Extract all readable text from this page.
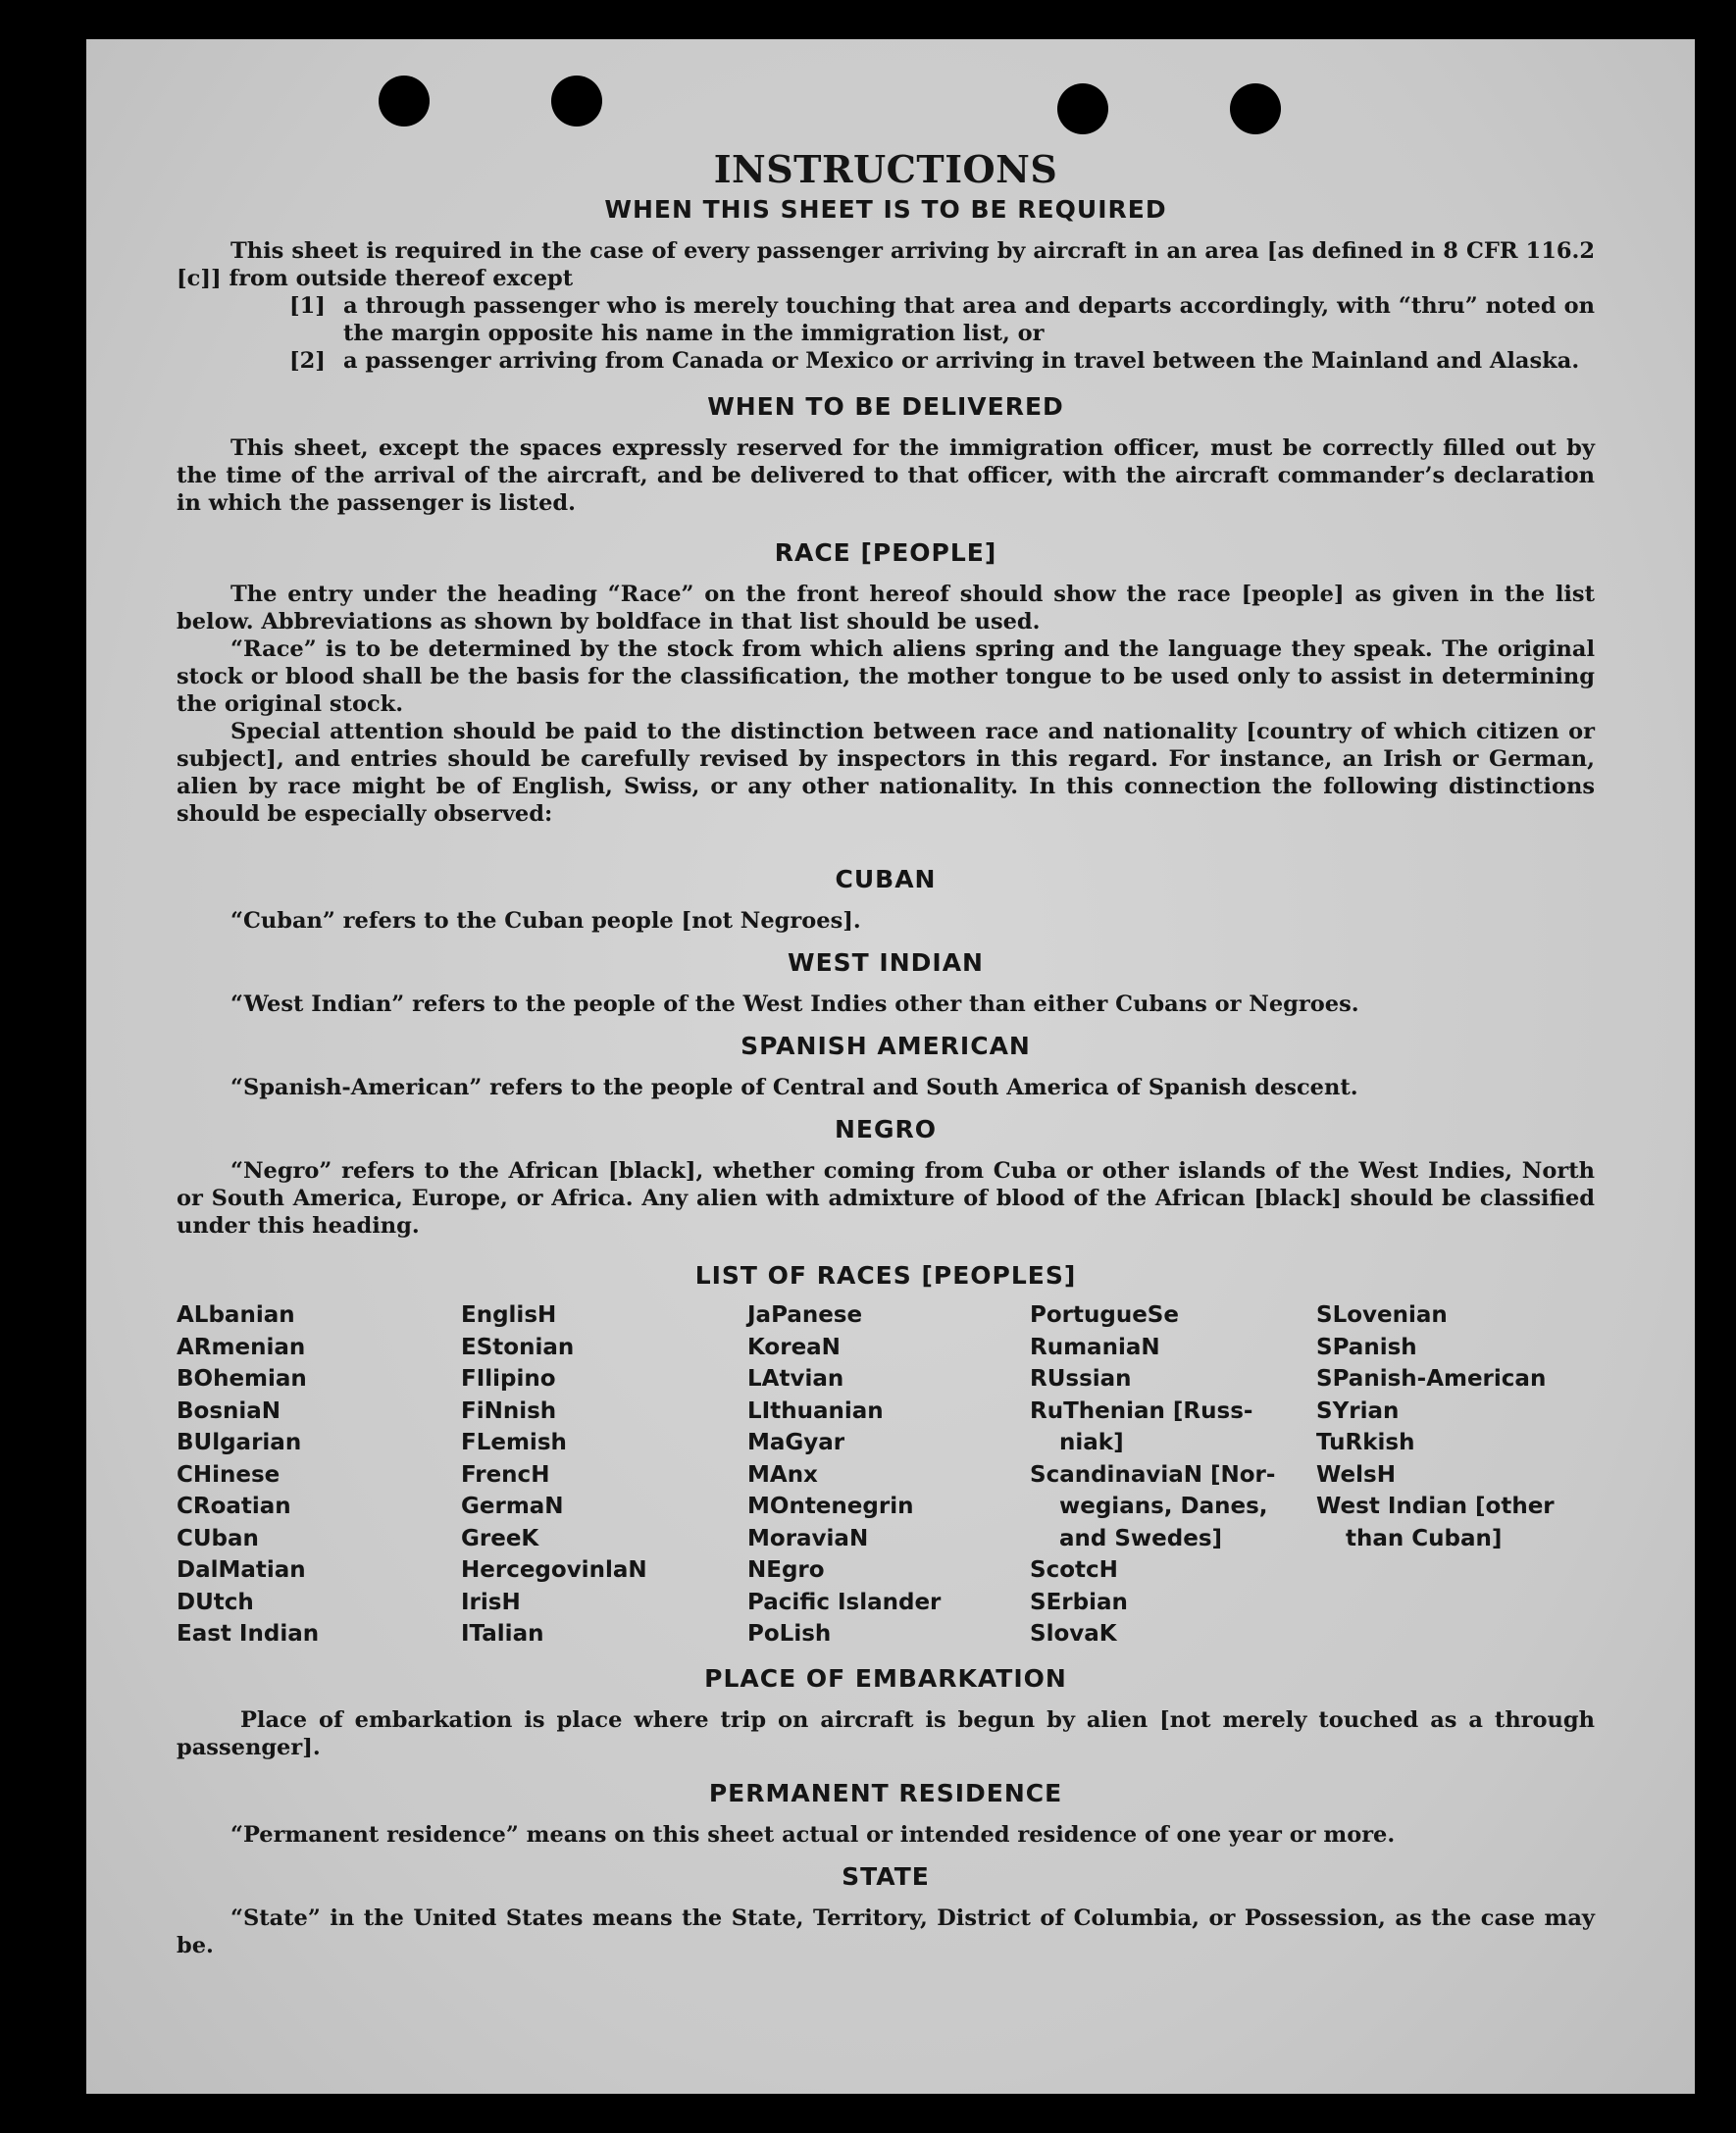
INSTRUCTIONS
WHEN THIS SHEET IS TO BE REQUIRED

This sheet is required in the case of every passenger arriving by aircraft in an area [as defined in 8 CFR 116.2 [c]] from outside thereof except

[1] a through passenger who is merely touching that area and departs accordingly, with “thru” noted on the margin opposite his name in the immigration list, or

[2] a passenger arriving from Canada or Mexico or arriving in travel between the Mainland and Alaska.

WHEN TO BE DELIVERED

This sheet, except the spaces expressly reserved for the immigration officer, must be correctly filled out by the time of the arrival of the aircraft, and be delivered to that officer, with the aircraft commander’s declaration in which the passenger is listed.

RACE [PEOPLE]

The entry under the heading “Race” on the front hereof should show the race [people] as given in the list below. Abbreviations as shown by boldface in that list should be used.

“Race” is to be determined by the stock from which aliens spring and the language they speak. The original stock or blood shall be the basis for the classification, the mother tongue to be used only to assist in determining the original stock.

Special attention should be paid to the distinction between race and nationality [country of which citizen or subject], and entries should be carefully revised by inspectors in this regard. For instance, an Irish or German, alien by race might be of English, Swiss, or any other nationality. In this connection the following distinctions should be especially observed:

CUBAN

“Cuban” refers to the Cuban people [not Negroes].

WEST INDIAN

“West Indian” refers to the people of the West Indies other than either Cubans or Negroes.

SPANISH AMERICAN

“Spanish-American” refers to the people of Central and South America of Spanish descent.

NEGRO

“Negro” refers to the African [black], whether coming from Cuba or other islands of the West Indies, North or South America, Europe, or Africa. Any alien with admixture of blood of the African [black] should be classified under this heading.

LIST OF RACES [PEOPLES]
ALbanian
ARmenian
BOhemian
BosniaN
BUlgarian
CHinese
CRoatian
CUban
DalMatian
DUtch
East Indian
EnglisH
EStonian
FIlipino
FiNnish
FLemish
FrencH
GermaN
GreeK
HercegovinlaN
IrisH
ITalian
JaPanese
KoreaN
LAtvian
LIthuanian
MaGyar
MAnx
MOntenegrin
MoraviaN
NEgro
Pacific Islander
PoLish
PortugueSe
RumaniaN
RUssian
RuThenian [Russ-
niak]
ScandinaviaN [Nor-
wegians, Danes,
and Swedes]
ScotcH
SErbian
SlovaK
SLovenian
SPanish
SPanish-American
SYrian
TuRkish
WelsH
West Indian [other
than Cuban]
PLACE OF EMBARKATION

Place of embarkation is place where trip on aircraft is begun by alien [not merely touched as a through passenger].

PERMANENT RESIDENCE

“Permanent residence” means on this sheet actual or intended residence of one year or more.

STATE

“State” in the United States means the State, Territory, District of Columbia, or Possession, as the case may be.
